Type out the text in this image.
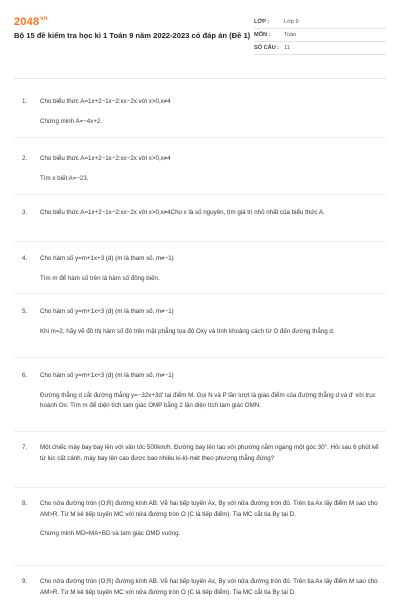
$2048^{vn}$
Bộ 15 đề kiểm tra học kì 1 Toán 9 năm 2022-2023 có đáp án (Đề 1)
LỚP :	Lớp 9
MÔN :	Toán
SỐ CÂU : 11
1. Cho biểu thức A=1x+2−1x−2:xx−2x với x>0,x≠4
Chứng minh A=−4x+2.
2. Cho biểu thức A=1x+2−1x−2:xx−2x với x>0,x≠4
Tìm x biết A=−23.
3. Cho biểu thức A=1x+2−1x−2:xx−2x với x>0,x≠4Cho x là số nguyên, tìm giá trị nhỏ nhất của biểu thức A.
4. Cho hàm số y=m+1x+3 (d) (m là tham số, m≠−1)
Tìm m để hàm số trên là hàm số đồng biến.
5. Cho hàm số y=m+1x+3 (d) (m là tham số, m≠−1)
Khi m=2, hãy vẽ đồ thị hàm số đó trên mặt phẳng tọa độ Oxy và tính khoảng cách từ O đến đường thẳng d.
6. Cho hàm số y=m+1x+3 (d) (m là tham số, m≠−1)
Đường thẳng d cắt đường thẳng y=−32x+3d' tại điểm M. Gọi N và P lần lượt là giao điểm của đường thẳng d và d' với trục hoành Ox. Tìm m để diện tích tam giác OMP bằng 2 lần diện tích tam giác OMN.
7. Một chiếc máy bay bay lên với vận tốc 500km/h. Đường bay lên tạo với phương nằm ngang một góc 30°. Hỏi sau 6 phút kể từ lúc cất cánh, máy bay lên cao được bao nhiêu ki-lô-mét theo phương thẳng đứng?
8. Cho nửa đường tròn (O;R) đường kính AB. Vẽ hai tiếp tuyến Ax, By với nửa đường tròn đó. Trên tia Ax lấy điểm M sao cho AM>R. Từ M kẻ tiếp tuyến MC với nửa đường tròn O (C là tiếp điểm). Tia MC cắt tia By tại D.
Chứng minh MD=MA+BD và tam giác OMD vuông.
9. Cho nửa đường tròn (O;R) đường kính AB. Vẽ hai tiếp tuyến Ax, By với nửa đường tròn đó. Trên tia Ax lấy điểm M sao cho AM>R. Từ M kẻ tiếp tuyến MC với nửa đường tròn O (C là tiếp điểm). Tia MC cắt tia By tại D.
